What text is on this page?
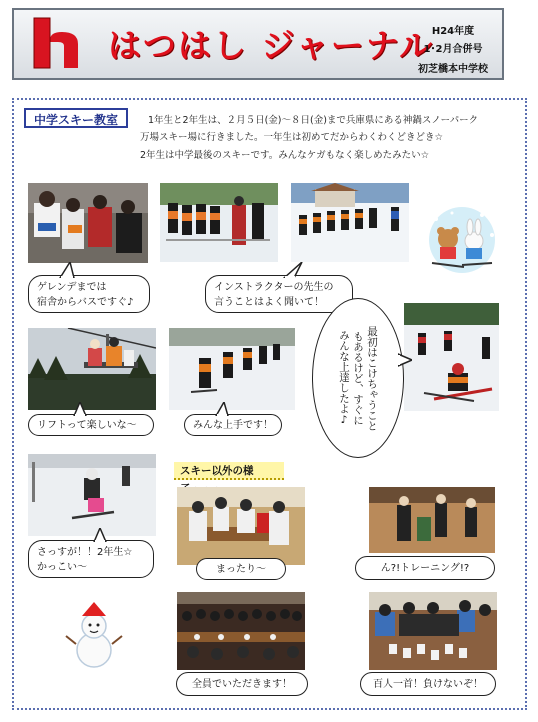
はつはし ジャーナル
H24年度
1･2月合併号
初芝橋本中学校
中学スキー教室	1年生と2年生は、２月５日(金)～８日(金)まで兵庫県にある神鍋スノーパーク
万場スキー場に行きました。一年生は初めてだからわくわくどきどき☆
2年生は中学最後のスキーです。みんなケガもなく楽しめたみたい☆
ゲレンデまでは
宿舎からバスですぐ♪
インストラクターの先生の
言うことはよく聞いて！
リフトって楽しいな～	みんな上手です！	最初はこけちゃうこと
もあるけど、すぐに
みんな上達したよ♪
さっすが！！2年生☆
かっこい～
スキー以外の様
まったり～	ん?!トレーニング!?
全員でいただきます！	百人一首！負けないぞ！
